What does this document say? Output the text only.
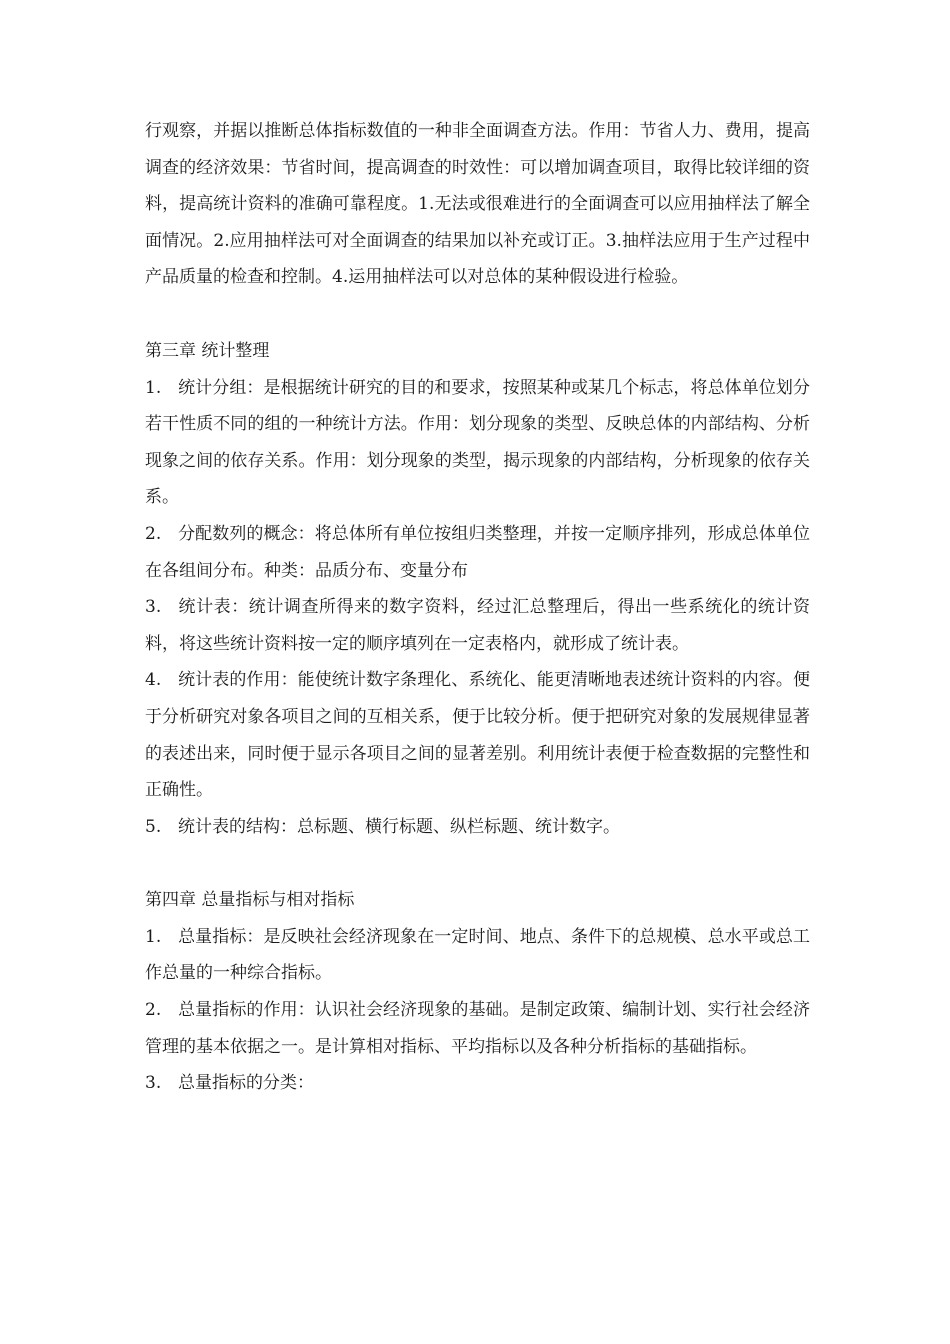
行观察，并据以推断总体指标数值的一种非全面调查方法。作用：节省人力、费用，提高调查的经济效果：节省时间，提高调查的时效性：可以增加调查项目，取得比较详细的资料，提高统计资料的准确可靠程度。1.无法或很难进行的全面调查可以应用抽样法了解全面情况。2.应用抽样法可对全面调查的结果加以补充或订正。3.抽样法应用于生产过程中产品质量的检查和控制。4.运用抽样法可以对总体的某种假设进行检验。

第三章 统计整理

1. 统计分组：是根据统计研究的目的和要求，按照某种或某几个标志，将总体单位划分若干性质不同的组的一种统计方法。作用：划分现象的类型、反映总体的内部结构、分析现象之间的依存关系。作用：划分现象的类型，揭示现象的内部结构，分析现象的依存关系。

2. 分配数列的概念：将总体所有单位按组归类整理，并按一定顺序排列，形成总体单位在各组间分布。种类：品质分布、变量分布

3. 统计表：统计调查所得来的数字资料，经过汇总整理后，得出一些系统化的统计资料，将这些统计资料按一定的顺序填列在一定表格内，就形成了统计表。

4. 统计表的作用：能使统计数字条理化、系统化、能更清晰地表述统计资料的内容。便于分析研究对象各项目之间的互相关系，便于比较分析。便于把研究对象的发展规律显著的表述出来，同时便于显示各项目之间的显著差别。利用统计表便于检查数据的完整性和正确性。

5. 统计表的结构：总标题、横行标题、纵栏标题、统计数字。

第四章 总量指标与相对指标

1. 总量指标：是反映社会经济现象在一定时间、地点、条件下的总规模、总水平或总工作总量的一种综合指标。

2. 总量指标的作用：认识社会经济现象的基础。是制定政策、编制计划、实行社会经济管理的基本依据之一。是计算相对指标、平均指标以及各种分析指标的基础指标。

3. 总量指标的分类：
